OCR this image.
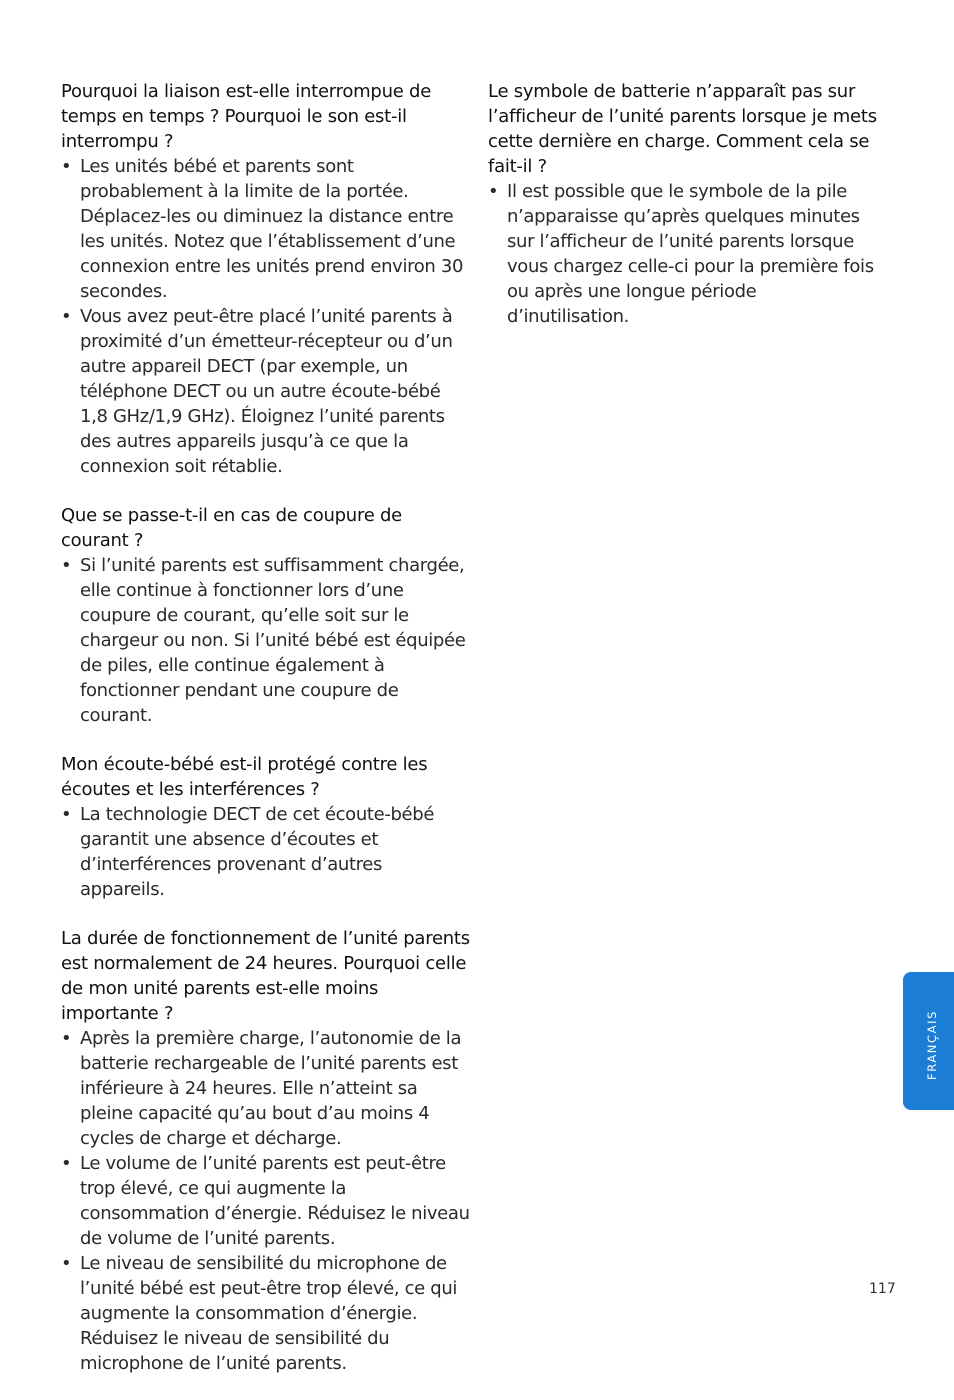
Pourquoi la liaison est-elle interrompue de temps en temps ? Pourquoi le son est-il interrompu ?

• Les unités bébé et parents sont probablement à la limite de la portée. Déplacez-les ou diminuez la distance entre les unités. Notez que l’établissement d’une connexion entre les unités prend environ 30 secondes.
• Vous avez peut-être placé l’unité parents à proximité d’un émetteur-récepteur ou d’un autre appareil DECT (par exemple, un téléphone DECT ou un autre écoute-bébé 1,8 GHz/1,9 GHz). Éloignez l’unité parents des autres appareils jusqu’à ce que la connexion soit rétablie.

Que se passe-t-il en cas de coupure de courant ?

• Si l’unité parents est suffisamment chargée, elle continue à fonctionner lors d’une coupure de courant, qu’elle soit sur le chargeur ou non. Si l’unité bébé est équipée de piles, elle continue également à fonctionner pendant une coupure de courant.

Mon écoute-bébé est-il protégé contre les écoutes et les interférences ?

• La technologie DECT de cet écoute-bébé garantit une absence d’écoutes et d’interférences provenant d’autres appareils.

La durée de fonctionnement de l’unité parents est normalement de 24 heures. Pourquoi celle de mon unité parents est-elle moins importante ?

• Après la première charge, l’autonomie de la batterie rechargeable de l’unité parents est inférieure à 24 heures. Elle n’atteint sa pleine capacité qu’au bout d’au moins 4 cycles de charge et décharge.
• Le volume de l’unité parents est peut-être trop élevé, ce qui augmente la consommation d’énergie. Réduisez le niveau de volume de l’unité parents.
• Le niveau de sensibilité du microphone de l’unité bébé est peut-être trop élevé, ce qui augmente la consommation d’énergie. Réduisez le niveau de sensibilité du microphone de l’unité parents.

Le symbole de batterie n’apparaît pas sur l’afficheur de l’unité parents lorsque je mets cette dernière en charge. Comment cela se fait-il ?

• Il est possible que le symbole de la pile n’apparaisse qu’après quelques minutes sur l’afficheur de l’unité parents lorsque vous chargez celle-ci pour la première fois ou après une longue période d’inutilisation.
FRANÇAIS
117
